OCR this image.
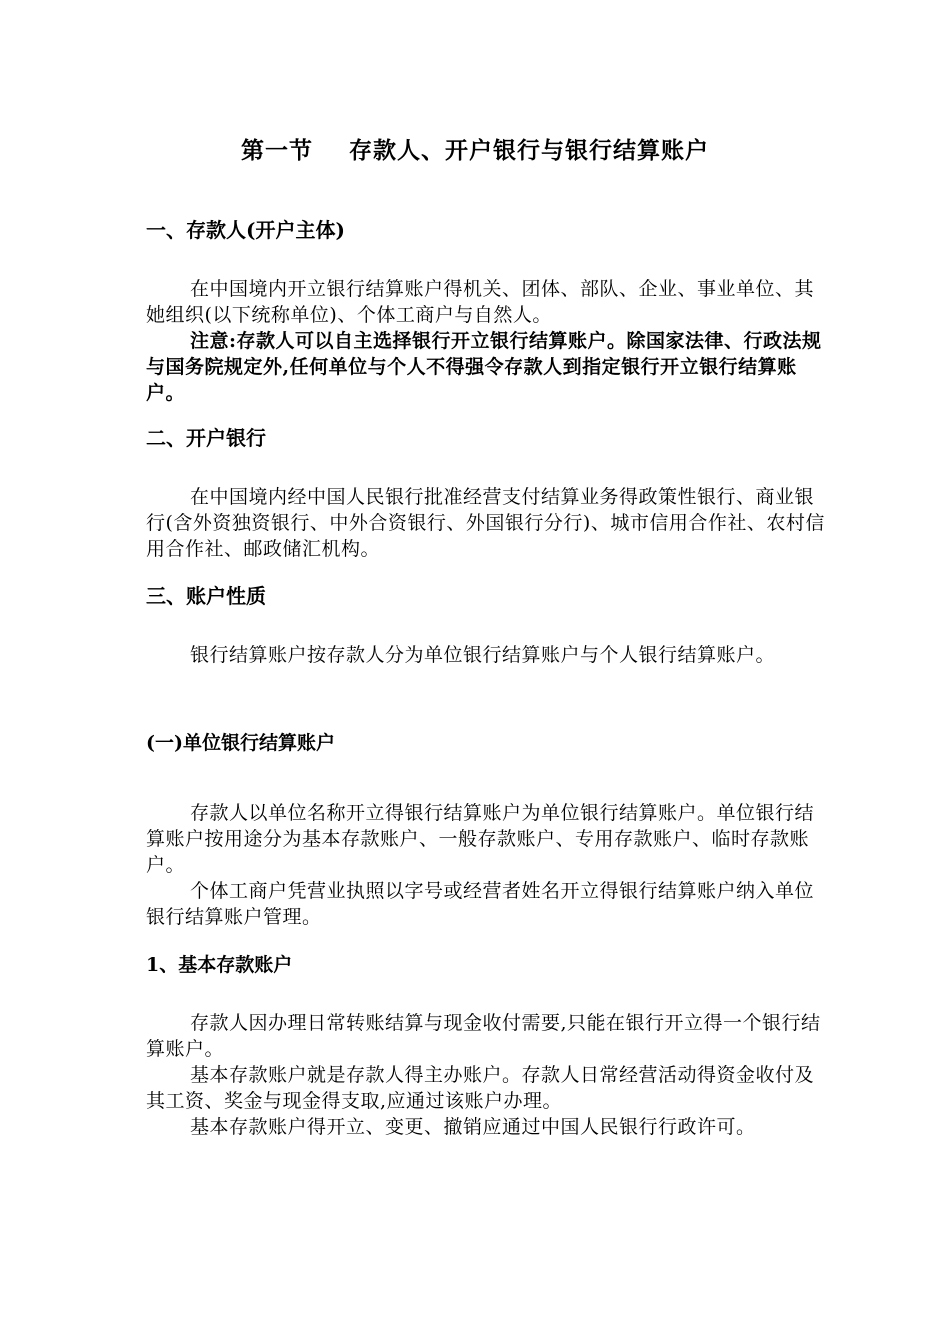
第一节    存款人、开户银行与银行结算账户
一、存款人(开户主体)

在中国境内开立银行结算账户得机关、团体、部队、企业、事业单位、其她组织(以下统称单位)、个体工商户与自然人。

注意:存款人可以自主选择银行开立银行结算账户。除国家法律、行政法规与国务院规定外,任何单位与个人不得强令存款人到指定银行开立银行结算账户。

二、开户银行

在中国境内经中国人民银行批准经营支付结算业务得政策性银行、商业银行(含外资独资银行、中外合资银行、外国银行分行)、城市信用合作社、农村信用合作社、邮政储汇机构。

三、账户性质

银行结算账户按存款人分为单位银行结算账户与个人银行结算账户。

(一)单位银行结算账户

存款人以单位名称开立得银行结算账户为单位银行结算账户。单位银行结算账户按用途分为基本存款账户、一般存款账户、专用存款账户、临时存款账户。

个体工商户凭营业执照以字号或经营者姓名开立得银行结算账户纳入单位银行结算账户管理。

1、基本存款账户

存款人因办理日常转账结算与现金收付需要,只能在银行开立得一个银行结算账户。

基本存款账户就是存款人得主办账户。存款人日常经营活动得资金收付及其工资、奖金与现金得支取,应通过该账户办理。

基本存款账户得开立、变更、撤销应通过中国人民银行行政许可。
